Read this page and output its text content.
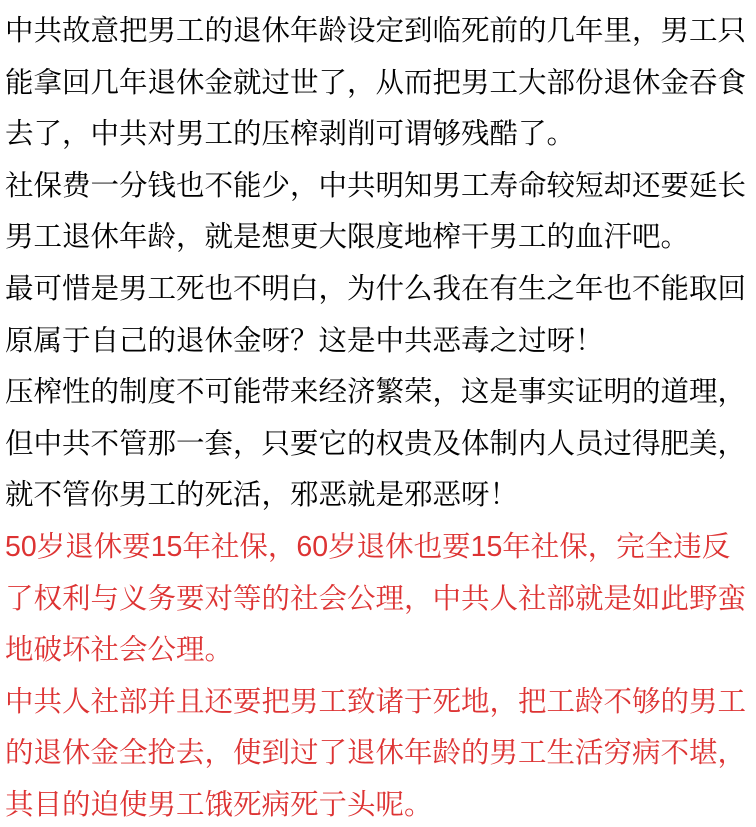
中共故意把男工的退休年龄设定到临死前的几年里，男工只能拿回几年退休金就过世了，从而把男工大部份退休金吞食去了，中共对男工的压榨剥削可谓够残酷了。

社保费一分钱也不能少，中共明知男工寿命较短却还要延长男工退休年龄，就是想更大限度地榨干男工的血汗吧。

最可惜是男工死也不明白，为什么我在有生之年也不能取回原属于自己的退休金呀？这是中共恶毒之过呀！

压榨性的制度不可能带来经济繁荣，这是事实证明的道理，但中共不管那一套，只要它的权贵及体制内人员过得肥美，就不管你男工的死活，邪恶就是邪恶呀！

50岁退休要15年社保，60岁退休也要15年社保，完全违反了权利与义务要对等的社会公理，中共人社部就是如此野蛮地破坏社会公理。

中共人社部并且还要把男工致诸于死地，把工龄不够的男工的退休金全抢去，使到过了退休年龄的男工生活穷病不堪，其目的迫使男工饿死病死亍头呢。
